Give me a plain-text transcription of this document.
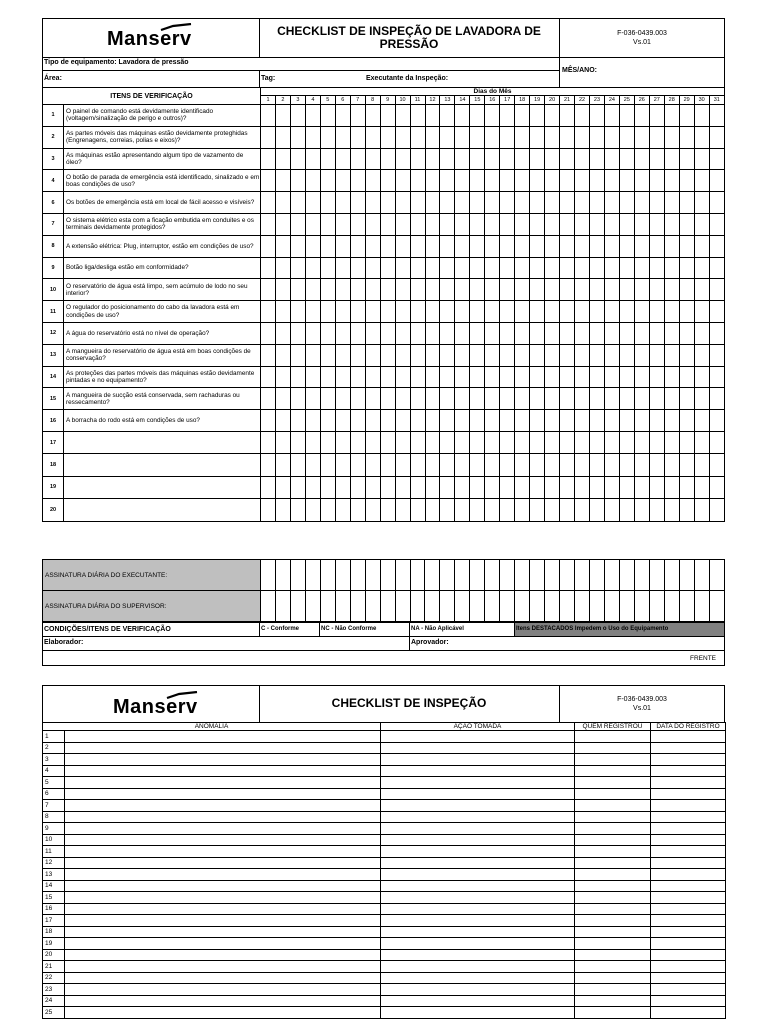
Manserv	CHECKLIST DE INSPEÇÃO DE LAVADORA DE PRESSÃO
F-036-0439.003
Vs.01
Tipo de equipamento: Lavadora de pressão
MÊS/ANO:
Área:	Tag:	Executante da Inspeção:
ITENS DE VERIFICAÇÃO		Dias do Mês																														
		1	2	3	4	5	6	7	8	9	10	11	12	13	14	15	16	17	18	19	20	21	22	23	24	25	26	27	28	29	30	31
1	O painel de comando está devidamente identificado (voltagem/sinalização de perigo e outros)?																															
2	As partes móveis das máquinas estão devidamente proteghidas (Engrenagens, correias, polias e eixos)?																															
3	As máquinas estão apresentando algum tipo de vazamento de óleo?																															
4	O botão de parada de emergência está identificado, sinalizado e em boas condições de uso?																															
6	Os botões de emergência está em local de fácil acesso e visíveis?																															
7	O sistema elétrico esta com a ficação embutida em conduites e os terminais devidamente protegidos?																															
8	A extensão elétrica: Plug, interruptor, estão em condições de uso?																															
9	Botão liga/desliga estão em conformidade?																															
10	O reservatório de água está limpo, sem acúmulo de lodo no seu interior?																															
11	O regulador do posicionamento do cabo da lavadora está em condições de uso?																															
12	A água do reservatório está no nível de operação?																															
13	A mangueira do reservatório de água está em boas condições de conservação?																															
14	As proteções das partes móveis das máquinas estão devidamente pintadas e no equipamento?																															
15	A mangueira de sucção está conservada, sem rachaduras ou ressecamento?																															
16	A borracha do rodo está em condições de uso?																															
17																																
18																																
19																																
20																																
ASSINATURA DIÁRIA DO EXECUTANTE:																															
ASSINATURA DIÁRIA DO SUPERVISOR:																															
CONDIÇÕES/ITENS DE VERIFICAÇÃO	C - Conforme	NC - Não Conforme	NA - Não Aplicável	Itens DESTACADOS Impedem o Uso do Equipamento
Elaborador:	Aprovador:
FRENTE
Manserv	CHECKLIST DE INSPEÇÃO	F-036-0439.003
Vs.01
ANOMALIA		AÇÃO TOMADA	QUEM REGISTROU	DATA DO REGISTRO
1				
2				
3				
4				
5				
6				
7				
8				
9				
10				
11				
12				
13				
14				
15				
16				
17				
18				
19				
20				
21				
22				
23				
24				
25				
